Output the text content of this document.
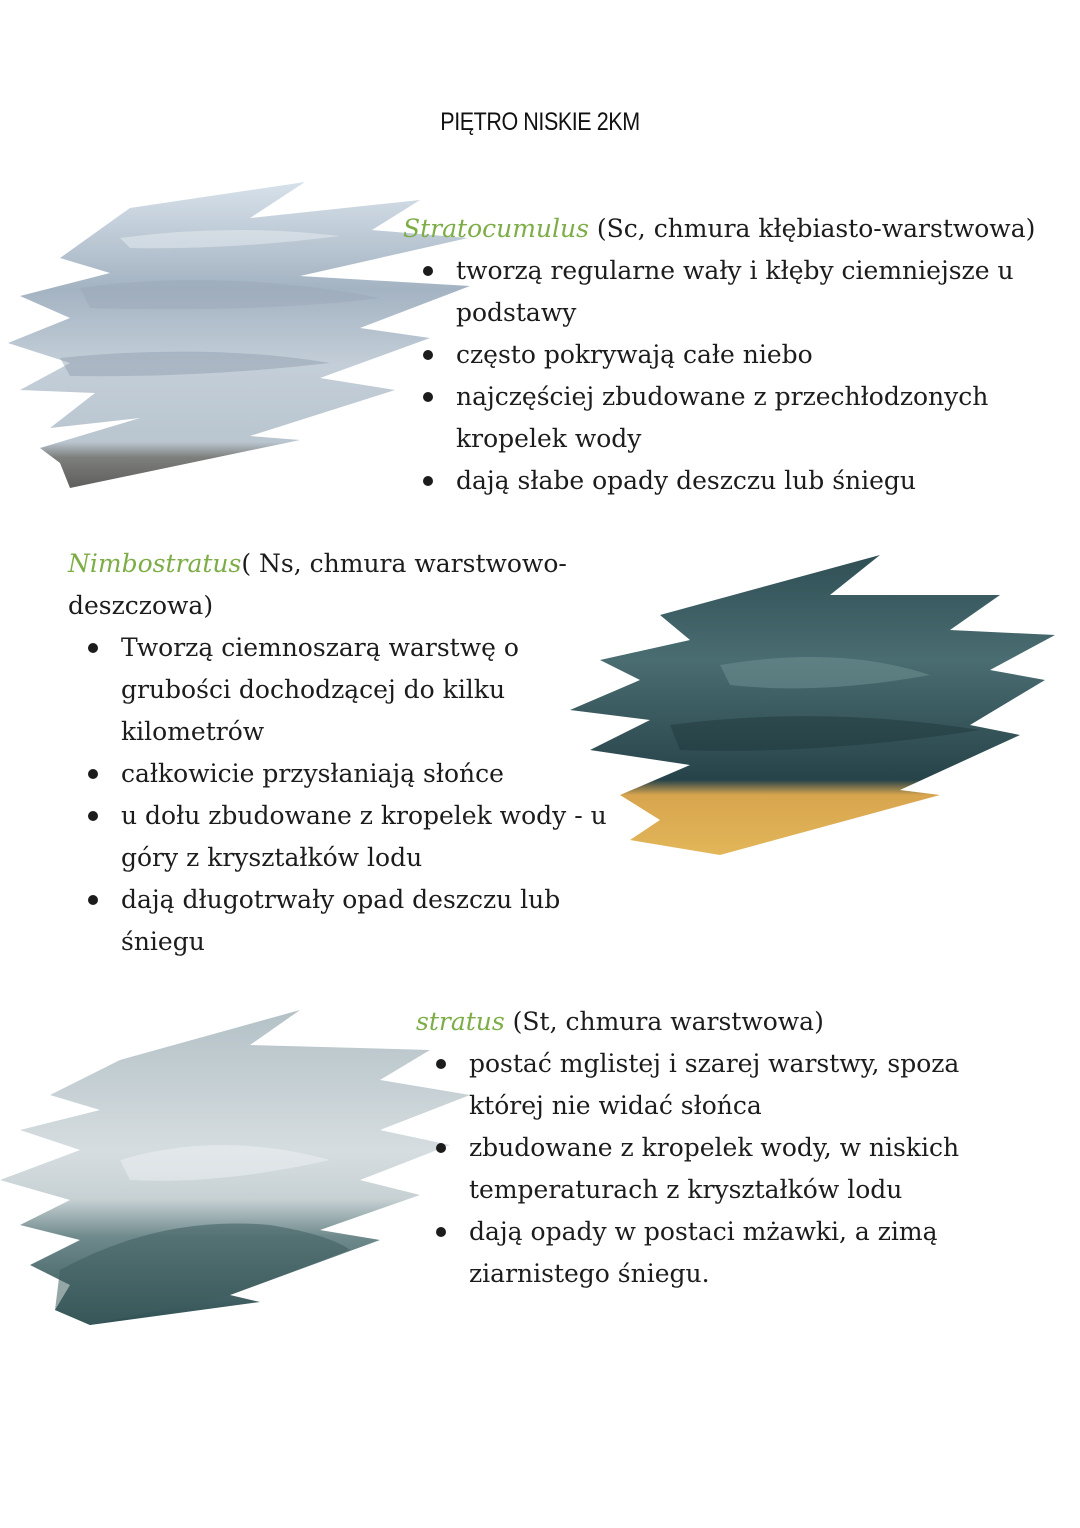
PIĘTRO NISKIE 2KM
Stratocumulus (Sc, chmura kłębiasto-warstwowa)
tworzą regularne wały i kłęby ciemniejsze u podstawy
często pokrywają całe niebo
najczęściej zbudowane z przechłodzonych kropelek wody
dają słabe opady deszczu lub śniegu
Nimbostratus( Ns, chmura warstwowo-deszczowa)
Tworzą ciemnoszarą warstwę o grubości dochodzącej do kilku kilometrów
całkowicie przysłaniają słońce
u dołu zbudowane z kropelek wody - u góry z kryształków lodu
dają długotrwały opad deszczu lub śniegu
stratus (St, chmura warstwowa)
postać mglistej i szarej warstwy, spoza której nie widać słońca
zbudowane z kropelek wody, w niskich temperaturach z kryształków lodu
dają opady w postaci mżawki, a zimą ziarnistego śniegu.
